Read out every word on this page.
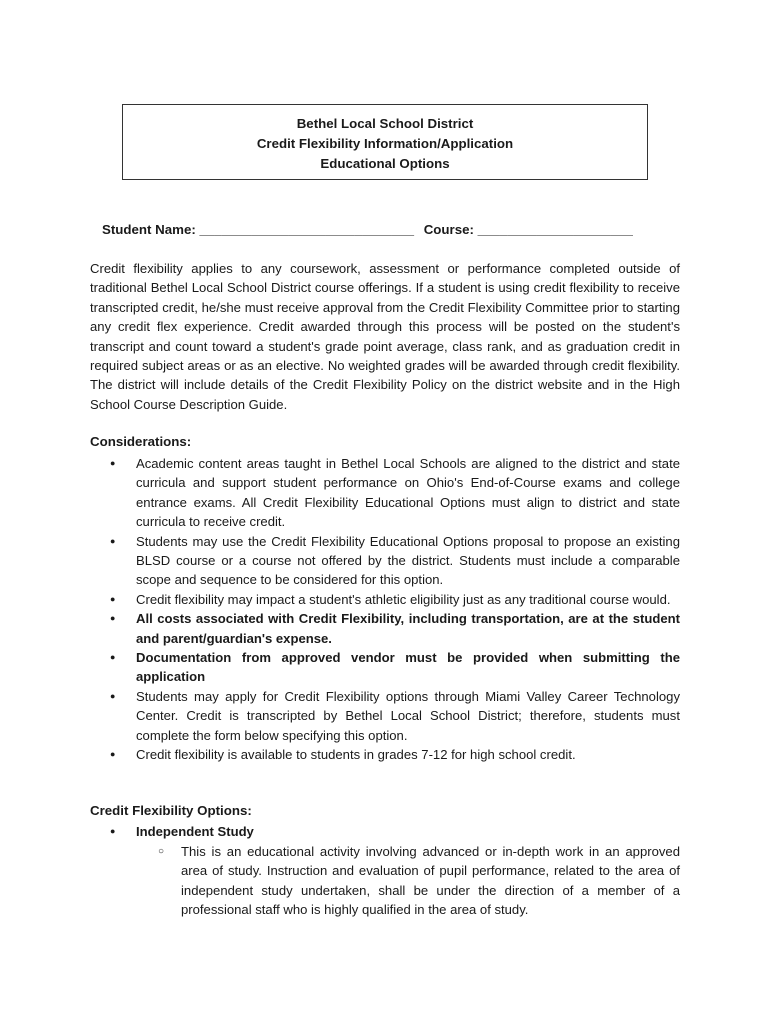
Bethel Local School District
Credit Flexibility Information/Application
Educational Options
Student Name: _____________________________ Course: _____________________

Credit flexibility applies to any coursework, assessment or performance completed outside of traditional Bethel Local School District course offerings. If a student is using credit flexibility to receive transcripted credit, he/she must receive approval from the Credit Flexibility Committee prior to starting any credit flex experience. Credit awarded through this process will be posted on the student's transcript and count toward a student's grade point average, class rank, and as graduation credit in required subject areas or as an elective. No weighted grades will be awarded through credit flexibility. The district will include details of the Credit Flexibility Policy on the district website and in the High School Course Description Guide.

Considerations:

● Academic content areas taught in Bethel Local Schools are aligned to the district and state curricula and support student performance on Ohio's End-of-Course exams and college entrance exams. All Credit Flexibility Educational Options must align to district and state curricula to receive credit.
● Students may use the Credit Flexibility Educational Options proposal to propose an existing BLSD course or a course not offered by the district. Students must include a comparable scope and sequence to be considered for this option.
● Credit flexibility may impact a student's athletic eligibility just as any traditional course would.
● All costs associated with Credit Flexibility, including transportation, are at the student and parent/guardian's expense.
● Documentation from approved vendor must be provided when submitting the application
● Students may apply for Credit Flexibility options through Miami Valley Career Technology Center. Credit is transcripted by Bethel Local School District; therefore, students must complete the form below specifying this option.
● Credit flexibility is available to students in grades 7-12 for high school credit.

Credit Flexibility Options:

● Independent Study
○ This is an educational activity involving advanced or in-depth work in an approved area of study. Instruction and evaluation of pupil performance, related to the area of independent study undertaken, shall be under the direction of a member of a professional staff who is highly qualified in the area of study.
